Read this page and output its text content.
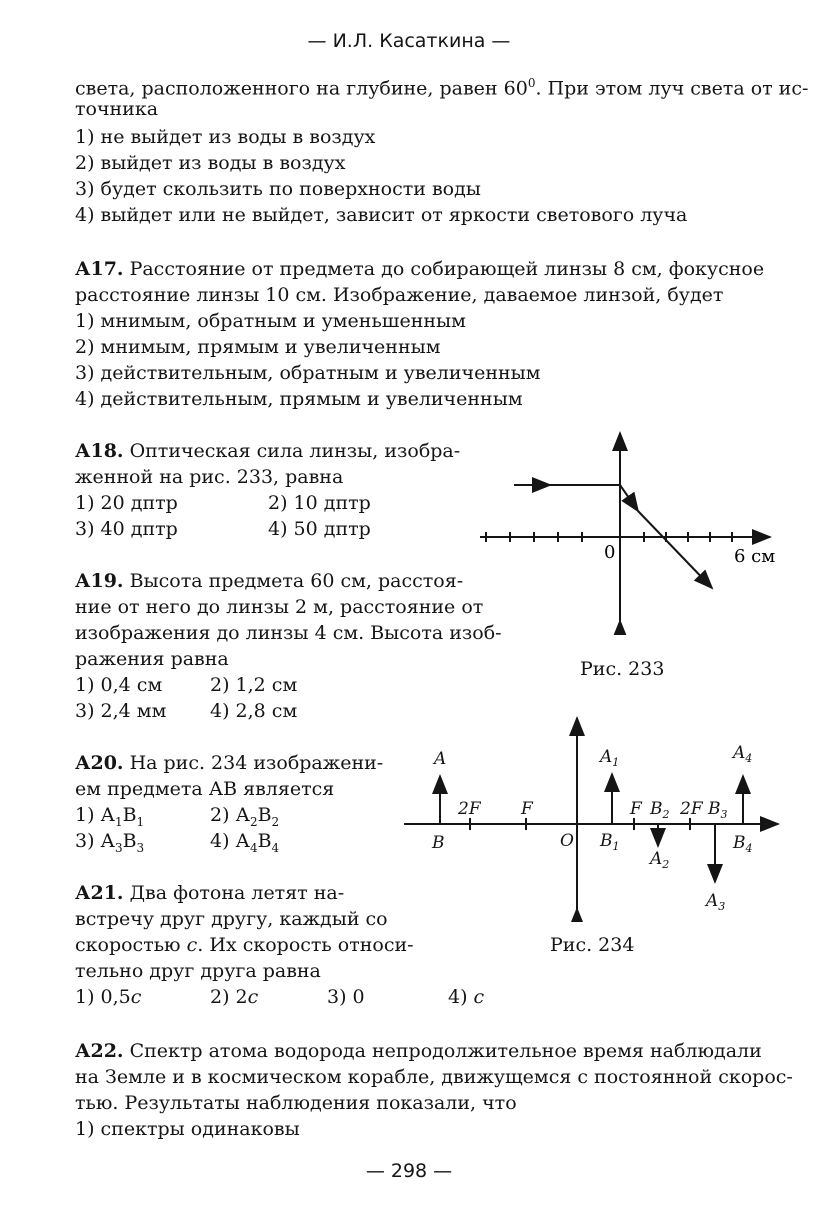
— И.Л. Касаткина —
света, расположенного на глубине, равен $60^0$. При этом луч света от ис-
точника
1) не выйдет из воды в воздух
2) выйдет из воды в воздух
3) будет скользить по поверхности воды
4) выйдет или не выйдет, зависит от яркости светового луча
А17. Расстояние от предмета до собирающей линзы 8 см, фокусное
расстояние линзы 10 см. Изображение, даваемое линзой, будет
1) мнимым, обратным и уменьшенным
2) мнимым, прямым и увеличенным
3) действительным, обратным и увеличенным
4) действительным, прямым и увеличенным
А18. Оптическая сила линзы, изобра-
женной на рис. 233, равна
1) 20 дптр	2) 10 дптр
3) 40 дптр	4) 50 дптр
А19. Высота предмета 60 см, расстоя-
ние от него до линзы 2 м, расстояние от
изображения до линзы 4 см. Высота изоб-
ражения равна
1) 0,4 см	2) 1,2 см
3) 2,4 мм 4) 2,8 см
А20. На рис. 234 изображени-
ем предмета АВ является
1) $А_1В_1$	2) $А_2В_2$
3) $А_3В_3$	4) $А_4В_4$
А21. Два фотона летят на-
встречу друг другу, каждый со
скоростью c. Их скорость относи-
тельно друг друга равна
1) 0,5c	2) 2c	3) 0	4) c
А22. Спектр атома водорода непродолжительное время наблюдали
на Земле и в космическом корабле, движущемся с постоянной скорос-
тью. Результаты наблюдения показали, что
1) спектры одинаковы
0	6 см
Рис. 233
A
B
2F F
O
F 2F
$A_1$
$B_1$
$B_2$
$A_2$
$B_3$
$A_3$
$A_4$
$B_4$
Рис. 234
— 298 —
